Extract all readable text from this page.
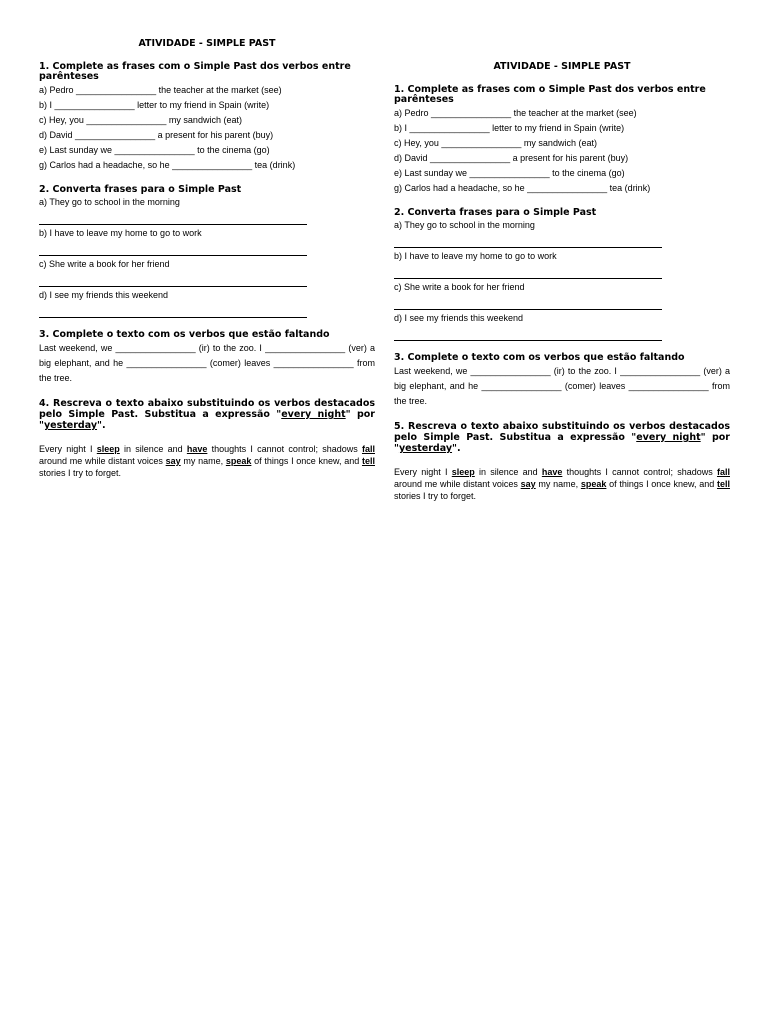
ATIVIDADE - SIMPLE PAST
1. Complete as frases com o Simple Past dos verbos entre parênteses
a) Pedro ________________ the teacher at the market (see)
b) I ________________ letter to my friend in Spain (write)
c) Hey, you ________________ my sandwich (eat)
d) David ________________ a present for his parent (buy)
e) Last sunday we ________________ to the cinema (go)
g) Carlos had a headache, so he ________________ tea (drink)
2. Converta frases para o Simple Past
a) They go to school in the morning
b) I have to leave my home to go to work
c) She write a book for her friend
d) I see my friends this weekend
3. Complete o texto com os verbos que estão faltando
Last weekend, we ________________ (ir) to the zoo. I ________________ (ver) a big elephant, and he ________________ (comer) leaves ________________ from the tree.
4. Rescreva o texto abaixo substituindo os verbos destacados pelo Simple Past. Substitua a expressão "every night" por "yesterday".
Every night I sleep in silence and have thoughts I cannot control; shadows fall around me while distant voices say my name, speak of things I once knew, and tell stories I try to forget.
ATIVIDADE - SIMPLE PAST
1. Complete as frases com o Simple Past dos verbos entre parênteses
a) Pedro ________________ the teacher at the market (see)
b) I ________________ letter to my friend in Spain (write)
c) Hey, you ________________ my sandwich (eat)
d) David ________________ a present for his parent (buy)
e) Last sunday we ________________ to the cinema (go)
g) Carlos had a headache, so he ________________ tea (drink)
2. Converta frases para o Simple Past
a) They go to school in the morning
b) I have to leave my home to go to work
c) She write a book for her friend
d) I see my friends this weekend
3. Complete o texto com os verbos que estão faltando
Last weekend, we ________________ (ir) to the zoo. I ________________ (ver) a big elephant, and he ________________ (comer) leaves ________________ from the tree.
5. Rescreva o texto abaixo substituindo os verbos destacados pelo Simple Past. Substitua a expressão "every night" por "yesterday".
Every night I sleep in silence and have thoughts I cannot control; shadows fall around me while distant voices say my name, speak of things I once knew, and tell stories I try to forget.
